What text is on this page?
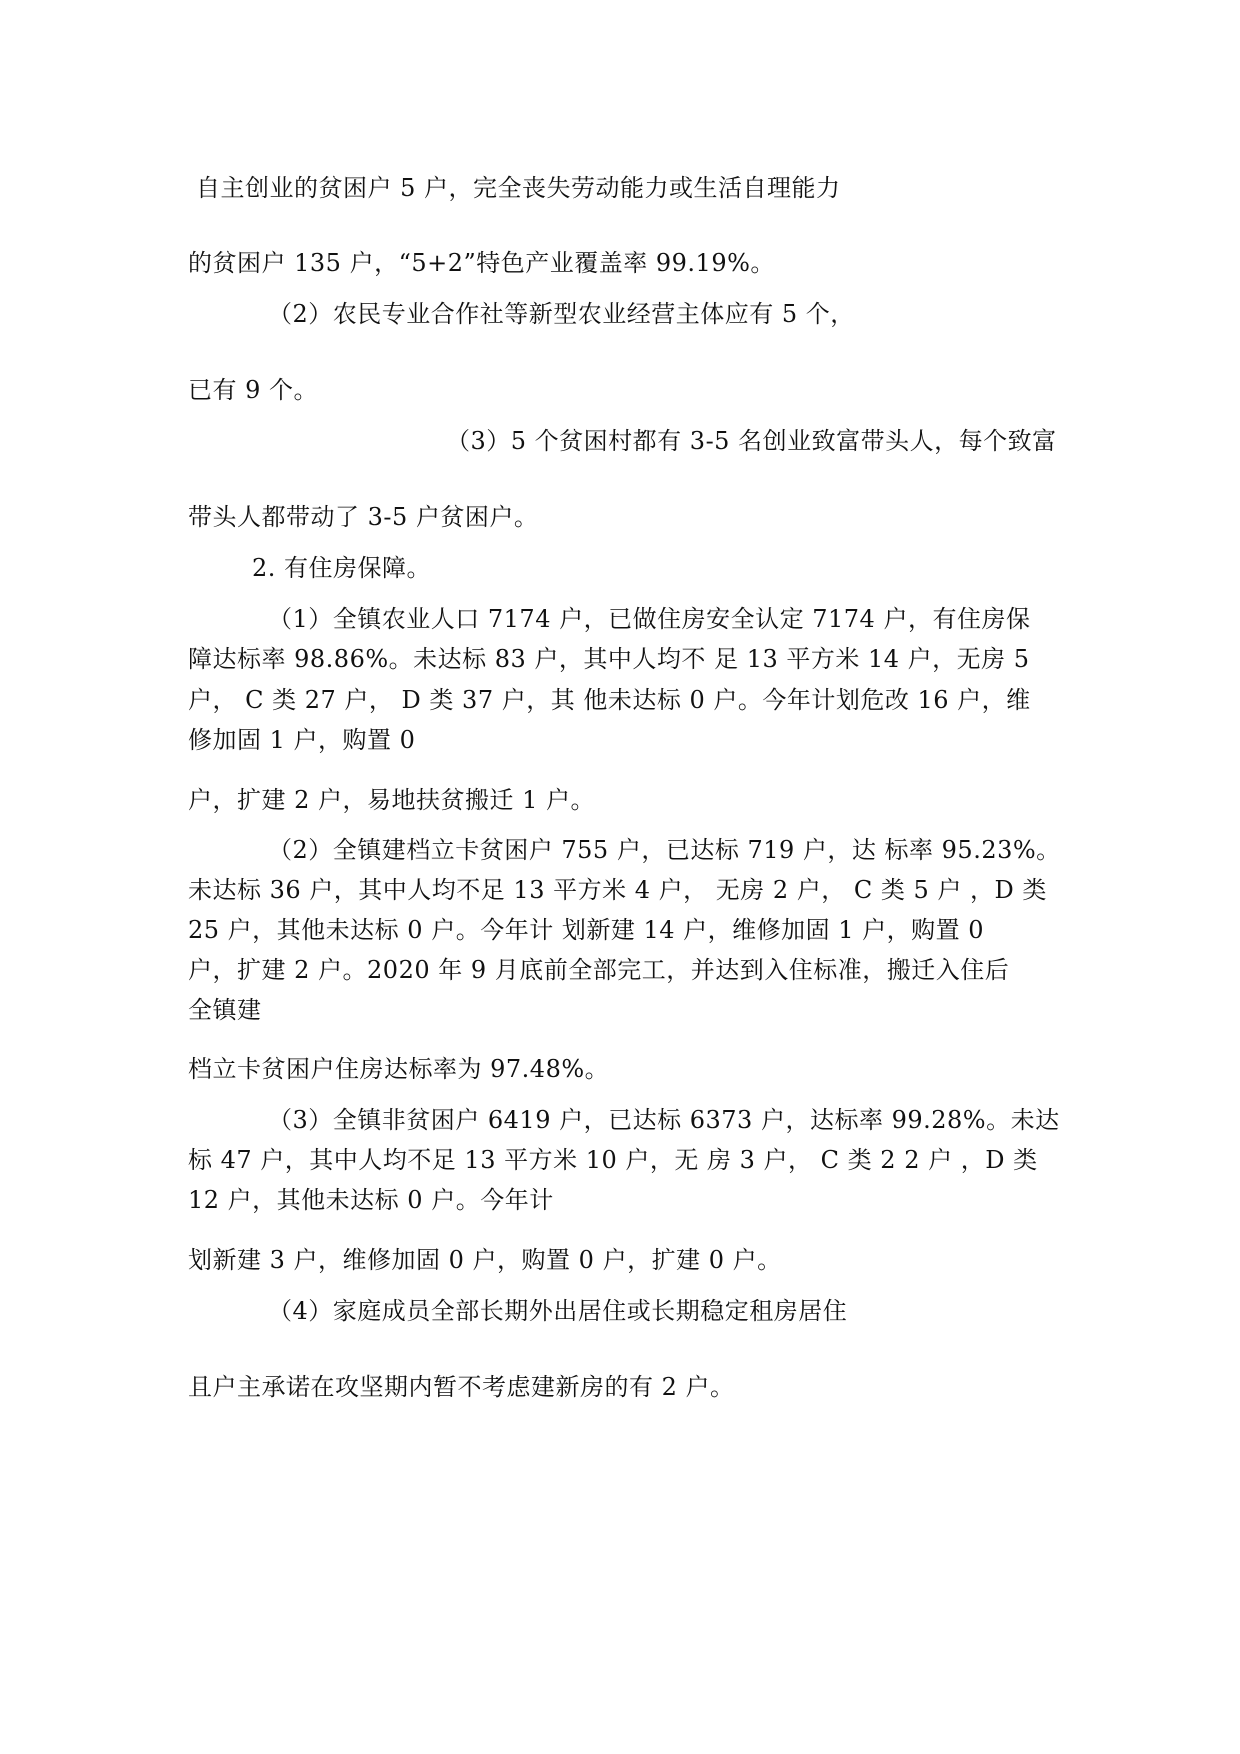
自主创业的贫困户 5 户，完全丧失劳动能力或生活自理能力
的贫困户 135 户，“5+2”特色产业覆盖率 99.19%。
（2）农民专业合作社等新型农业经营主体应有 5 个，
已有 9 个。
（3）5 个贫困村都有 3-5 名创业致富带头人，每个致富
带头人都带动了 3-5 户贫困户。
2. 有住房保障。
（1）全镇农业人口 7174 户，已做住房安全认定 7174 户，有住房保
障达标率 98.86%。未达标 83 户，其中人均不 足 13 平方米 14 户，无房 5
户， C 类 27 户， D 类 37 户，其 他未达标 0 户。今年计划危改 16 户，维
修加固 1 户，购置 0
户，扩建 2 户，易地扶贫搬迁 1 户。
（2）全镇建档立卡贫困户 755 户，已达标 719 户，达 标率 95.23%。
未达标 36 户，其中人均不足 13 平方米 4 户， 无房 2 户， C 类 5 户 ，D 类
25 户，其他未达标 0 户。今年计 划新建 14 户，维修加固 1 户，购置 0
户，扩建 2 户。2020 年 9 月底前全部完工，并达到入住标准，搬迁入住后
全镇建
档立卡贫困户住房达标率为 97.48%。
（3）全镇非贫困户 6419 户，已达标 6373 户，达标率 99.28%。未达
标 47 户，其中人均不足 13 平方米 10 户，无 房 3 户， C 类 2 2 户 ，D 类
12 户，其他未达标 0 户。今年计
划新建 3 户，维修加固 0 户，购置 0 户，扩建 0 户。
（4）家庭成员全部长期外出居住或长期稳定租房居住
且户主承诺在攻坚期内暂不考虑建新房的有 2 户。
